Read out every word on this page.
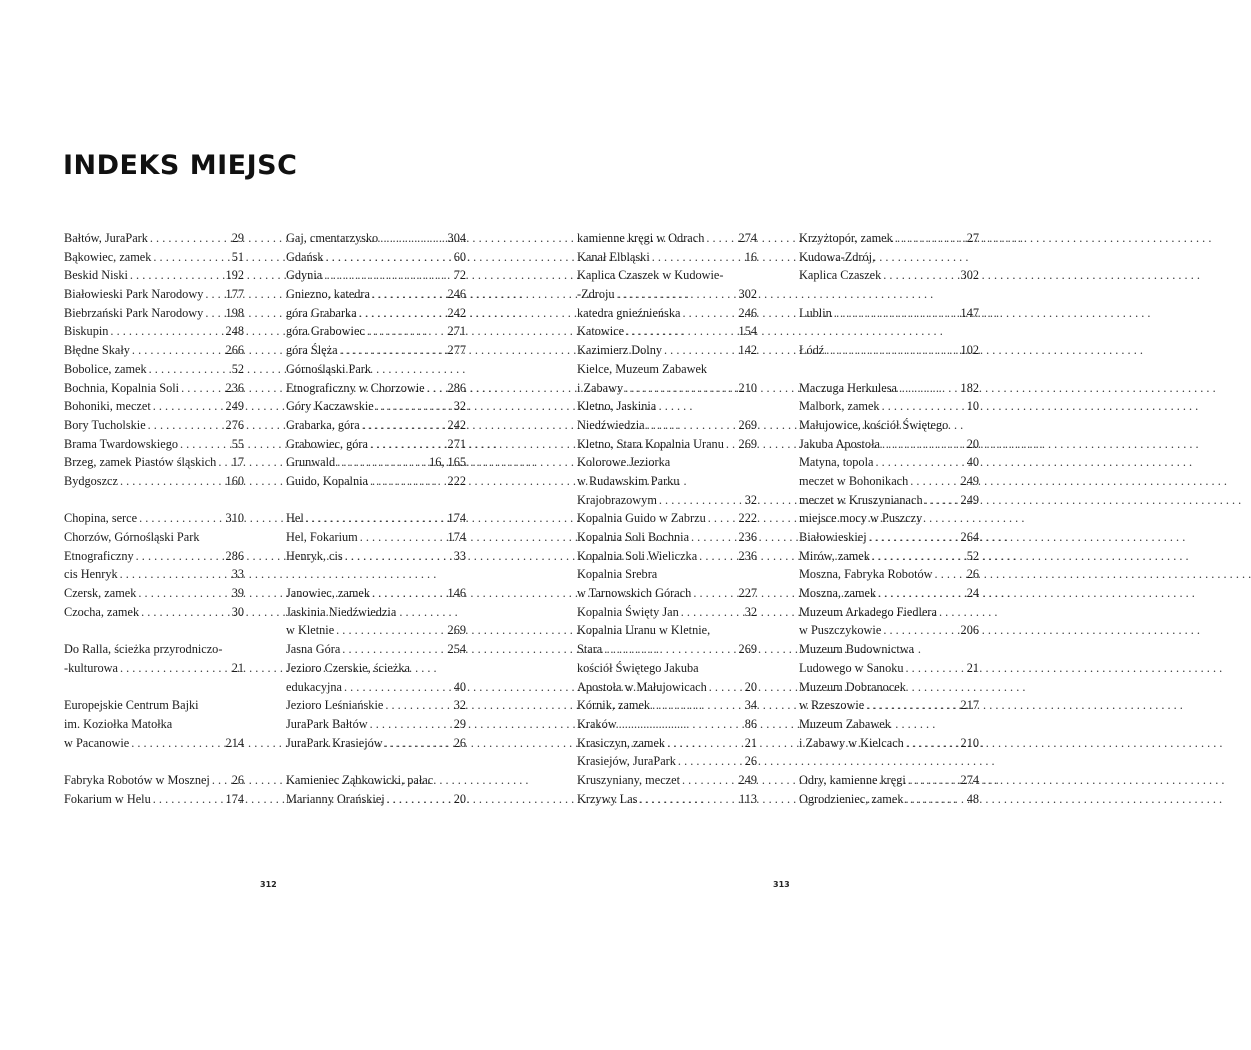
INDEKS MIEJSC
Bałtów, JuraPark . . .	29
Bąkowiec, zamek . . .	51
Beskid Niski . . .	192
Białowieski Park Narodowy . . . 177
Biebrzański Park Narodowy . . . 198
Biskupin . . .	248
Błędne Skały . . .	266
Bobolice, zamek . . .	52
Bochnia, Kopalnia Soli . . .	236
Bohoniki, meczet . . .	249
Bory Tucholskie . . .	276
Brama Twardowskiego . . .	55
Brzeg, zamek Piastów śląskich . . . 17
Bydgoszcz . . .	160
Chopina, serce . . .	310
Chorzów, Górnośląski Park
Etnograficzny . . .	286
cis Henryk . . .	33
Czersk, zamek . . .	39
Czocha, zamek . . .	30
Do Ralla, ścieżka przyrodniczo-
-kulturowa . . .	21
Europejskie Centrum Bajki
im. Koziołka Matołka
w Pacanowie . . .	214
Fabryka Robotów w Mosznej . . . 26
Fokarium w Helu . . .	174
Gaj, cmentarzysko . . .	304
Gdańsk . . .	60
Gdynia . . .	72
Gniezno, katedra . . .	246
góra Grabarka . . .	242
góra Grabowiec . . .	271
góra Ślęża . . .	277
Górnośląski Park
Etnograficzny w Chorzowie . . . 286
Góry Kaczawskie . . .	32
Grabarka, góra . . .	242
Grabowiec, góra . . .	271
Grunwald . . .	16, 165
Guido, Kopalnia . . .	222
Hel . . .	174
Hel, Fokarium . . .	174
Henryk, cis . . .	33
Janowiec, zamek . . .	146
Jaskinia Niedźwiedzia
w Kletnie . . .	269
Jasna Góra . . .	254
Jezioro Czerskie, ścieżka
edukacyjna . . .	40
Jezioro Leśniańskie . . .	32
JuraPark Bałtów . . .	29
JuraPark Krasiejów . . .	26
Kamieniec Ząbkowicki, pałac
Marianny Orańskiej . . .	20
kamienne kręgi w Odrach . . .	274
Kanał Elbląski . . .	16
Kaplica Czaszek w Kudowie-
-Zdroju . . .	302
katedra gnieźnieńska . . .	246
Katowice . . .	154
Kazimierz Dolny . . .	142
Kielce, Muzeum Zabawek
i Zabawy . . .	210
Kletno, Jaskinia
Niedźwiedzia . . .	269
Kletno, Stara Kopalnia Uranu . . . 269
Kolorowe Jeziorka
w Rudawskim Parku
Krajobrazowym . . .	32
Kopalnia Guido w Zabrzu . . .	222
Kopalnia Soli Bochnia . . .	236
Kopalnia Soli Wieliczka . . .	236
Kopalnia Srebra
w Tarnowskich Górach . . .	227
Kopalnia Święty Jan . . .	32
Kopalnia Uranu w Kletnie,
Stara . . .	269
kościół Świętego Jakuba
Apostoła w Małujowicach . . .	20
Kórnik, zamek . . .	34
Kraków . . .	86
Krasiczyn, zamek . . .	21
Krasiejów, JuraPark . . .	26
Kruszyniany, meczet . . .	249
Krzywy Las . . .	113
Krzyżtopór, zamek . . .	27
Kudowa-Zdrój,
Kaplica Czaszek . . .	302
Lublin . . .	147
Łódź . . .	102
Maczuga Herkulesa . . .	182
Malbork, zamek . . .	10
Małujowice, kościół Świętego
Jakuba Apostoła . . .	20
Matyna, topola . . .	40
meczet w Bohonikach . . .	249
meczet w Kruszynianach . . .	249
miejsce mocy w Puszczy
Białowieskiej . . .	264
Mirów, zamek . . .	52
Moszna, Fabryka Robotów . . .	26
Moszna, zamek . . .	24
Muzeum Arkadego Fiedlera
w Puszczykowie . . .	206
Muzeum Budownictwa
Ludowego w Sanoku . . .	21
Muzeum Dobranocek
w Rzeszowie . . .	217
Muzeum Zabawek
i Zabawy w Kielcach . . .	210
Odry, kamienne kręgi . . .	274
Ogrodzieniec, zamek . . .	48
312	313
